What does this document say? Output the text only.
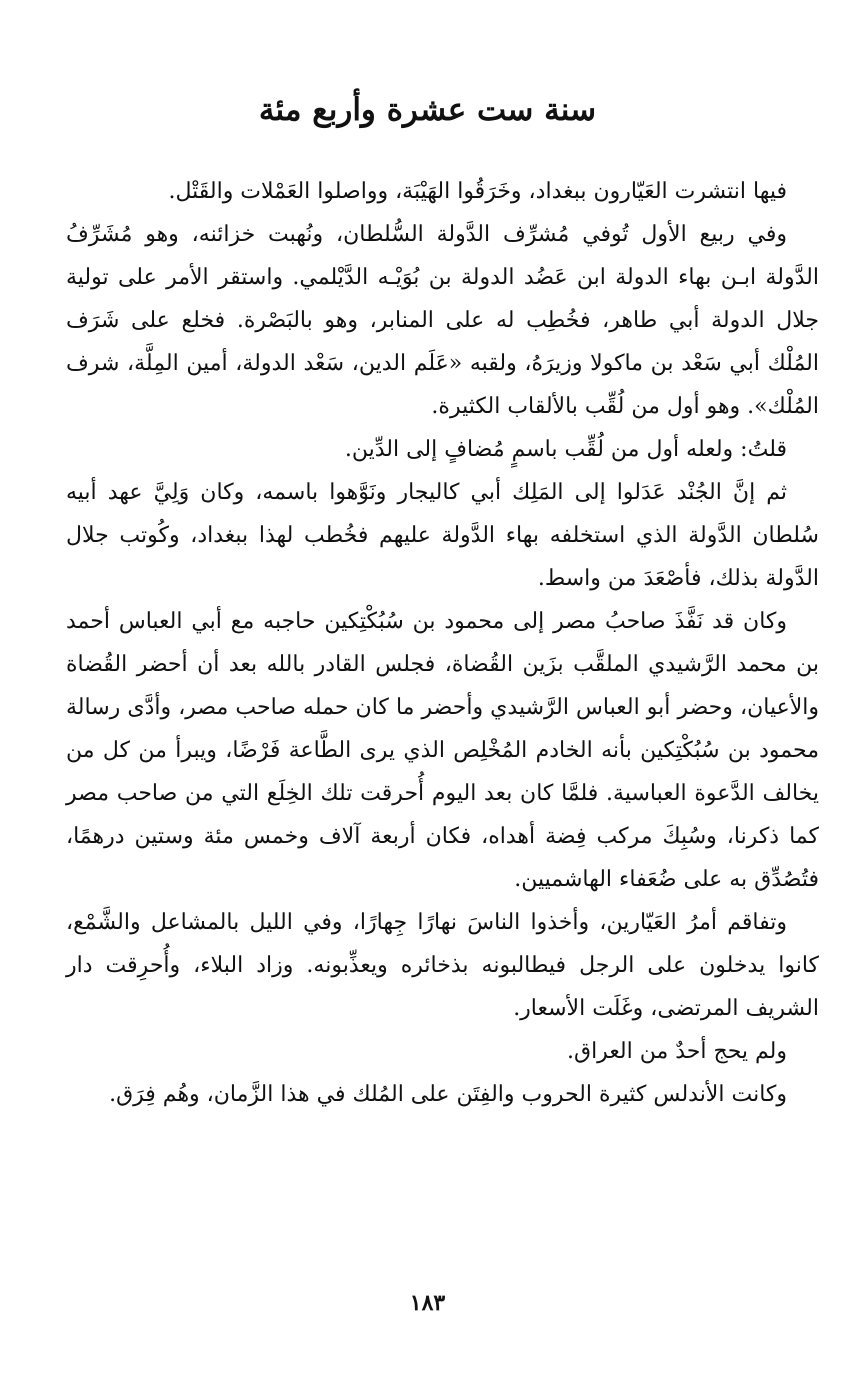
سنة ست عشرة وأربع مئة

فيها انتشرت العَيّارون ببغداد، وخَرَقُوا الهَيْبَة، وواصلوا العَمْلات والقَتْل.

وفي ربيع الأول تُوفي مُشرِّف الدَّولة السُّلطان، ونُهبت خزائنه، وهو مُشَرِّفُ الدَّولة ابـن بهاء الدولة ابن عَضُد الدولة بن بُوَيْـه الدَّيْلمي. واستقر الأمر على تولية جلال الدولة أبي طاهر، فخُطِب له على المنابر، وهو بالبَصْرة. فخلع على شَرَف المُلْك أبي سَعْد بن ماكولا وزيرَهُ، ولقبه «عَلَم الدين، سَعْد الدولة، أمين المِلَّة، شرف المُلْك». وهو أول من لُقِّب بالألقاب الكثيرة.

قلتُ: ولعله أول من لُقِّب باسمٍ مُضافٍ إلى الدِّين.

ثم إنَّ الجُنْد عَدَلوا إلى المَلِك أبي كاليجار ونَوَّهوا باسمه، وكان وَلِيَّ عهد أبيه سُلطان الدَّولة الذي استخلفه بهاء الدَّولة عليهم فخُطب لهذا ببغداد، وكُوتب جلال الدَّولة بذلك، فأصْعَدَ من واسط.

وكان قد نَفَّذَ صاحبُ مصر إلى محمود بن سُبُكْتِكين حاجبه مع أبي العباس أحمد بن محمد الرَّشيدي الملقَّب بزَين القُضاة، فجلس القادر بالله بعد أن أحضر القُضاة والأعيان، وحضر أبو العباس الرَّشيدي وأحضر ما كان حمله صاحب مصر، وأدَّى رسالة محمود بن سُبُكْتِكين بأنه الخادم المُخْلِص الذي يرى الطَّاعة فَرْضًا، ويبرأ من كل من يخالف الدَّعوة العباسية. فلمَّا كان بعد اليوم أُحرقت تلك الخِلَع التي من صاحب مصر كما ذكرنا، وسُبِكَ مركب فِضة أهداه، فكان أربعة آلاف وخمس مئة وستين درهمًا، فتُصُدِّق به على ضُعَفاء الهاشميين.

وتفاقم أمرُ العَيّارين، وأخذوا الناسَ نهارًا جِهارًا، وفي الليل بالمشاعل والشَّمْع، كانوا يدخلون على الرجل فيطالبونه بذخائره ويعذِّبونه. وزاد البلاء، وأُحرِقت دار الشريف المرتضى، وغَلَت الأسعار.

ولم يحج أحدٌ من العراق.

وكانت الأندلس كثيرة الحروب والفِتَن على المُلك في هذا الزَّمان، وهُم فِرَق.

١٨٣
